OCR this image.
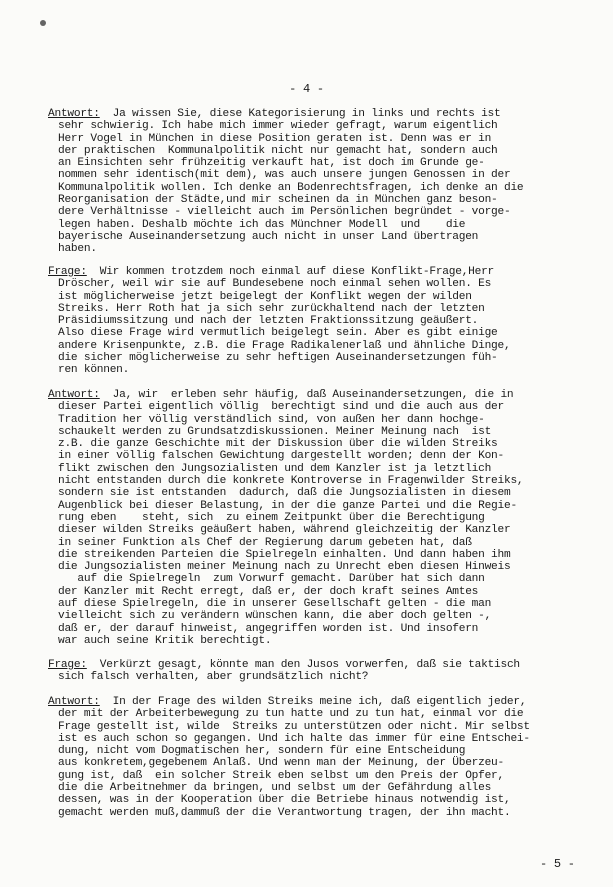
- 4 -
Antwort: Ja wissen Sie, diese Kategorisierung in links und rechts ist
sehr schwierig. Ich habe mich immer wieder gefragt, warum eigentlich
Herr Vogel in München in diese Position geraten ist. Denn was er in
der praktischen  Kommunalpolitik nicht nur gemacht hat, sondern auch
an Einsichten sehr frühzeitig verkauft hat, ist doch im Grunde ge-
nommen sehr identisch(mit dem), was auch unsere jungen Genossen in der
Kommunalpolitik wollen. Ich denke an Bodenrechtsfragen, ich denke an die
Reorganisation der Städte,und mir scheinen da in München ganz beson-
dere Verhältnisse - vielleicht auch im Persönlichen begründet - vorge-
legen haben. Deshalb möchte ich das Münchner Modell  und    die
bayerische Auseinandersetzung auch nicht in unser Land übertragen
haben.
Frage: Wir kommen trotzdem noch einmal auf diese Konflikt-Frage,Herr
Dröscher, weil wir sie auf Bundesebene noch einmal sehen wollen. Es
ist möglicherweise jetzt beigelegt der Konflikt wegen der wilden
Streiks. Herr Roth hat ja sich sehr zurückhaltend nach der letzten
Präsidiumssitzung und nach der letzten Fraktionssitzung geäußert.
Also diese Frage wird vermutlich beigelegt sein. Aber es gibt einige
andere Krisenpunkte, z.B. die Frage Radikalenerlaß und ähnliche Dinge,
die sicher möglicherweise zu sehr heftigen Auseinandersetzungen füh-
ren können.
Antwort: Ja, wir  erleben sehr häufig, daß Auseinandersetzungen, die in
dieser Partei eigentlich völlig  berechtigt sind und die auch aus der
Tradition her völlig verständlich sind, von außen her dann hochge-
schaukelt werden zu Grundsatzdiskussionen. Meiner Meinung nach  ist
z.B. die ganze Geschichte mit der Diskussion über die wilden Streiks
in einer völlig falschen Gewichtung dargestellt worden; denn der Kon-
flikt zwischen den Jungsozialisten und dem Kanzler ist ja letztlich
nicht entstanden durch die konkrete Kontroverse in Fragenwilder Streiks,
sondern sie ist entstanden  dadurch, daß die Jungsozialisten in diesem
Augenblick bei dieser Belastung, in der die ganze Partei und die Regie-
rung eben    steht, sich  zu einem Zeitpunkt über die Berechtigung
dieser wilden Streiks geäußert haben, während gleichzeitig der Kanzler
in seiner Funktion als Chef der Regierung darum gebeten hat, daß
die streikenden Parteien die Spielregeln einhalten. Und dann haben ihm
die Jungsozialisten meiner Meinung nach zu Unrecht eben diesen Hinweis
auf die Spielregeln  zum Vorwurf gemacht. Darüber hat sich dann
der Kanzler mit Recht erregt, daß er, der doch kraft seines Amtes
auf diese Spielregeln, die in unserer Gesellschaft gelten - die man
vielleicht sich zu verändern wünschen kann, die aber doch gelten -,
daß er, der darauf hinweist, angegriffen worden ist. Und insofern
war auch seine Kritik berechtigt.
Frage: Verkürzt gesagt, könnte man den Jusos vorwerfen, daß sie taktisch
sich falsch verhalten, aber grundsätzlich nicht?
Antwort: In der Frage des wilden Streiks meine ich, daß eigentlich jeder,
der mit der Arbeiterbewegung zu tun hatte und zu tun hat, einmal vor die
Frage gestellt ist, wilde  Streiks zu unterstützen oder nicht. Mir selbst
ist es auch schon so gegangen. Und ich halte das immer für eine Entschei-
dung, nicht vom Dogmatischen her, sondern für eine Entscheidung
aus konkretem,gegebenem Anlaß. Und wenn man der Meinung, der Überzeu-
gung ist, daß  ein solcher Streik eben selbst um den Preis der Opfer,
die die Arbeitnehmer da bringen, und selbst um der Gefährdung alles
dessen, was in der Kooperation über die Betriebe hinaus notwendig ist,
gemacht werden muß,dammuß der die Verantwortung tragen, der ihn macht.
- 5 -
